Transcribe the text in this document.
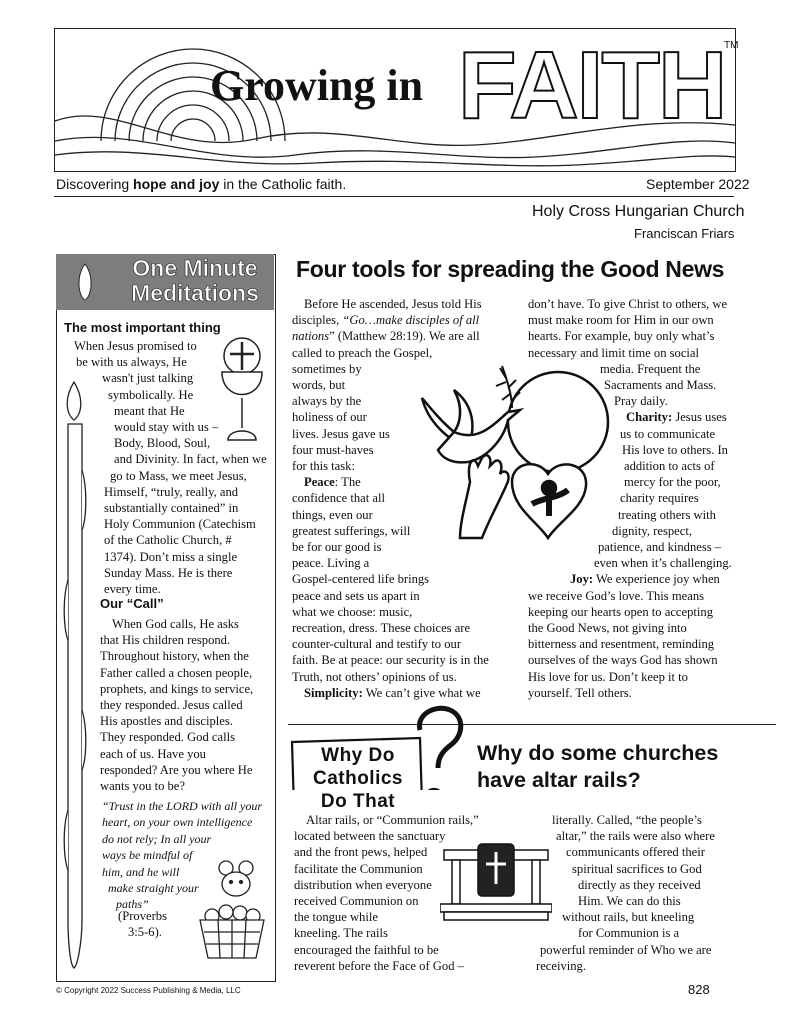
Growing in FAITH
TM
Discovering hope and joy in the Catholic faith.	September 2022
Holy Cross Hungarian Church
Franciscan Friars
One Minute
Meditations
The most important thing
When Jesus promised to
be with us always, He
wasn't just talking
symbolically. He
meant that He
would stay with us –
Body, Blood, Soul,
and Divinity. In fact, when we
go to Mass, we meet Jesus,
Himself, “truly, really, and
substantially contained” in
Holy Communion (Catechism
of the Catholic Church, #
1374). Don’t miss a single
Sunday Mass. He is there
every time.
Our “Call”
When God calls, He asks
that His children respond.
Throughout history, when the
Father called a chosen people,
prophets, and kings to service,
they responded. Jesus called
His apostles and disciples.
They responded. God calls
each of us. Have you
responded? Are you where He
wants you to be?
“Trust in the LORD with all your
heart, on your own intelligence
do not rely; In all your
ways be mindful of
him, and he will
make straight your
paths”
(Proverbs
3:5-6).
Four tools for spreading the Good News
Before He ascended, Jesus told His
disciples, “Go…make disciples of all
nations” (Matthew 28:19). We are all
called to preach the Gospel,
sometimes by
words, but
always by the
holiness of our
lives. Jesus gave us
four must-haves
for this task:
Peace: The
confidence that all
things, even our
greatest sufferings, will
be for our good is
peace. Living a
Gospel-centered life brings
peace and sets us apart in
what we choose: music,
recreation, dress. These choices are
counter-cultural and testify to our
faith. Be at peace: our security is in the
Truth, not others’ opinions of us.
Simplicity: We can’t give what we
don’t have. To give Christ to others, we
must make room for Him in our own
hearts. For example, buy only what’s
necessary and limit time on social
media. Frequent the
Sacraments and Mass.
Pray daily.
Charity: Jesus uses
us to communicate
His love to others. In
addition to acts of
mercy for the poor,
charity requires
treating others with
dignity, respect,
patience, and kindness –
even when it’s challenging.
Joy: We experience joy when
we receive God’s love. This means
keeping our hearts open to accepting
the Good News, not giving into
bitterness and resentment, reminding
ourselves of the ways God has shown
His love for us. Don’t keep it to
yourself. Tell others.
Why Do
Catholics
Do That
Why do some churches
have altar rails?
Altar rails, or “Communion rails,”
located between the sanctuary
and the front pews, helped
facilitate the Communion
distribution when everyone
received Communion on
the tongue while
kneeling. The rails
encouraged the faithful to be
reverent before the Face of God –
literally. Called, “the people’s
altar,” the rails were also where
communicants offered their
spiritual sacrifices to God
directly as they received
Him. We can do this
without rails, but kneeling
for Communion is a
powerful reminder of Who we are
receiving.
© Copyright 2022 Success Publishing & Media, LLC	828
